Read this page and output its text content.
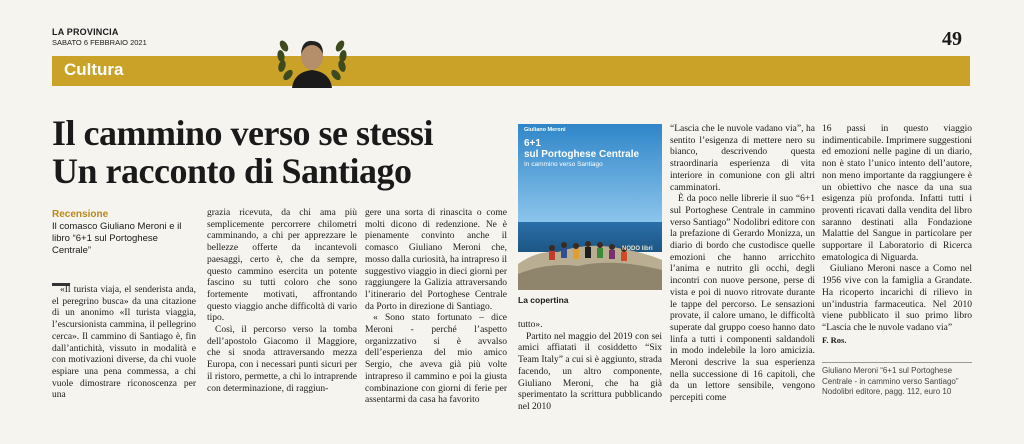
LA PROVINCIA
SABATO 6 FEBBRAIO 2021	49
Cultura
Il cammino verso se stessi
Un racconto di Santiago
Recensione
Il comasco Giuliano Meroni e il libro “6+1 sul Portoghese Centrale”

«Il turista viaja, el senderista anda, el peregrino busca» da una citazione di un anonimo «Il turista viaggia, l’escursionista cammina, il pellegrino cerca». Il cammino di Santiago è, fin dall’antichità, vissuto in modalità e con motivazioni diverse, da chi vuole espiare una pena commessa, a chi vuole dimostrare riconoscenza per una

grazia ricevuta, da chi ama più semplicemente percorrere chilometri camminando, a chi per apprezzare le bellezze offerte da incantevoli paesaggi, certo è, che da sempre, questo cammino esercita un potente fascino su tutti coloro che sono fortemente motivati, affrontando questo viaggio anche difficoltà di vario tipo.

Così, il percorso verso la tomba dell’apostolo Giacomo il Maggiore, che si snoda attraversando mezza Europa, con i necessari punti sicuri per il ristoro, permette, a chi lo intraprende con determinazione, di raggiun-

gere una sorta di rinascita o come molti dicono di redenzione. Ne è pienamente convinto anche il comasco Giuliano Meroni che, mosso dalla curiosità, ha intrapreso il suggestivo viaggio in dieci giorni per raggiungere la Galizia attraversando l’itinerario del Portoghese Centrale da Porto in direzione di Santiago.

« Sono stato fortunato – dice Meroni - perché l’aspetto organizzativo si è avvalso dell’esperienza del mio amico Sergio, che aveva già più volte intrapreso il cammino e poi la giusta combinazione con giorni di ferie per assentarmi da casa ha favorito

Giuliano Meroni
6+1
sul Portoghese Centrale
In cammino verso Santiago
NODO libri
La copertina

tutto».

Partito nel maggio del 2019 con sei amici affiatati il cosiddetto “Six Team Italy” a cui si è aggiunto, strada facendo, un altro componente, Giuliano Meroni, che ha già sperimentato la scrittura pubblicando nel 2010

“Lascia che le nuvole vadano via”, ha sentito l’esigenza di mettere nero su bianco, descrivendo questa straordinaria esperienza di vita interiore in comunione con gli altri camminatori.

È da poco nelle librerie il suo “6+1 sul Portoghese Centrale in cammino verso Santiago” Nodolibri editore con la prefazione di Gerardo Monizza, un diario di bordo che custodisce quelle emozioni che hanno arricchito l’anima e nutrito gli occhi, degli incontri con nuove persone, perse di vista e poi di nuovo ritrovate durante le tappe del percorso. Le sensazioni provate, il calore umano, le difficoltà superate dal gruppo coeso hanno dato linfa a tutti i componenti saldandoli in modo indelebile la loro amicizia. Meroni descrive la sua esperienza nella successione di 16 capitoli, che da un lettore sensibile, vengono percepiti come

16 passi in questo viaggio indimenticabile. Imprimere suggestioni ed emozioni nelle pagine di un diario, non è stato l’unico intento dell’autore, non meno importante da raggiungere è un obiettivo che nasce da una sua esigenza più profonda. Infatti tutti i proventi ricavati dalla vendita del libro saranno destinati alla Fondazione Malattie del Sangue in particolare per supportare il Laboratorio di Ricerca ematologica di Niguarda.

Giuliano Meroni nasce a Como nel 1956 vive con la famiglia a Grandate. Ha ricoperto incarichi di rilievo in un’industria farmaceutica. Nel 2010 viene pubblicato il suo primo libro “Lascia che le nuvole vadano via”

F. Ros.

Giuliano Meroni “6+1 sul Portoghese Centrale - in cammino verso Santiago” Nodolibri editore, pagg. 112, euro 10
